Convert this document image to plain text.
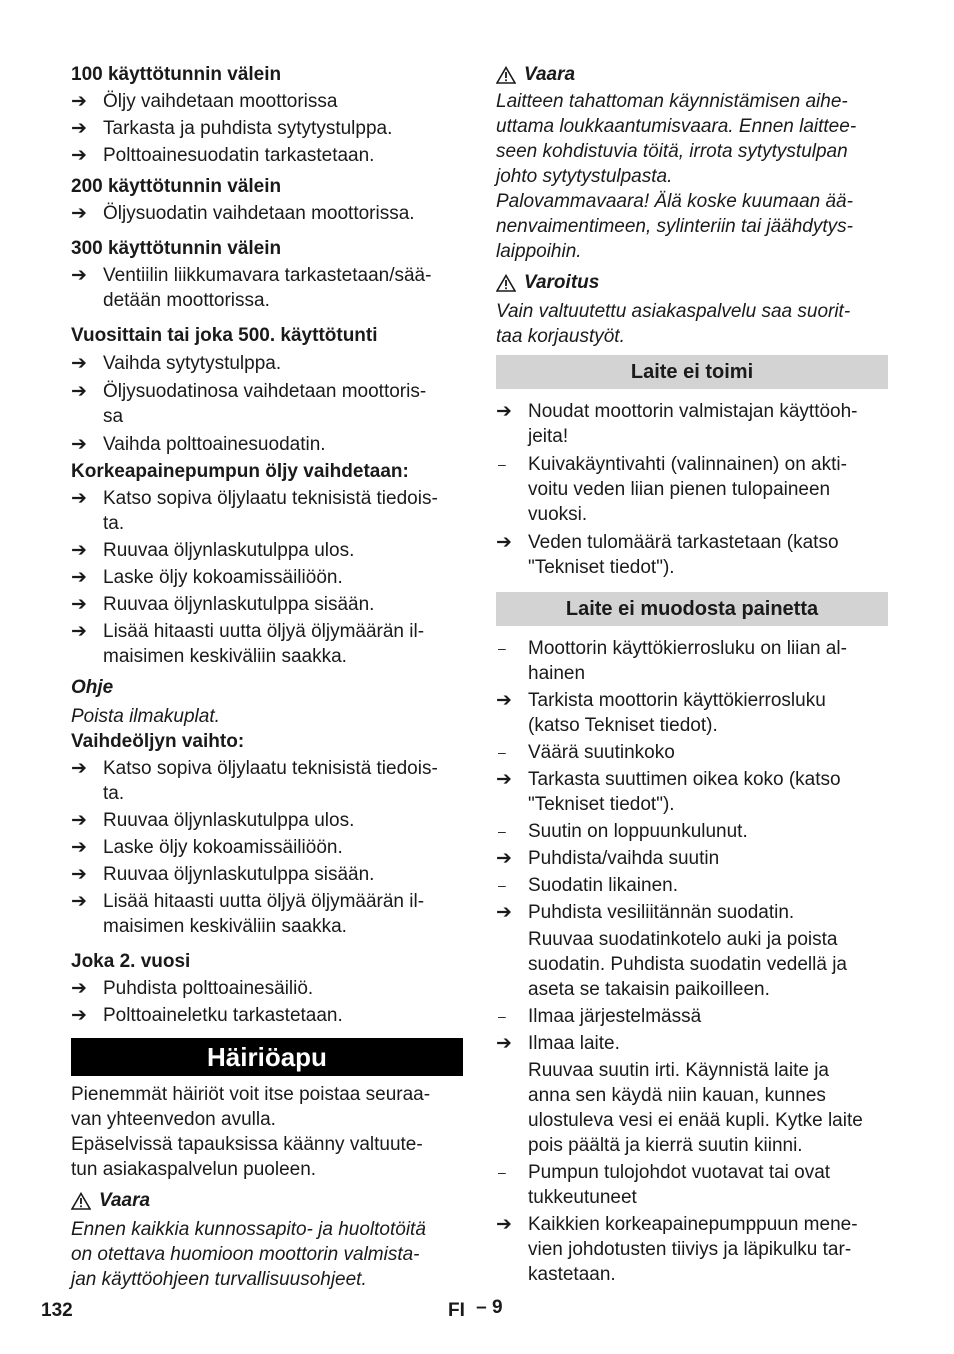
100 käyttötunnin välein
➔ Öljy vaihdetaan moottorissa
➔ Tarkasta ja puhdista sytytystulppa.
➔ Polttoainesuodatin tarkastetaan.
200 käyttötunnin välein
➔ Öljysuodatin vaihdetaan moottorissa.
300 käyttötunnin välein
➔ Ventiilin liikkumavara tarkastetaan/sää-
detään moottorissa.
Vuosittain tai joka 500. käyttötunti
➔ Vaihda sytytystulppa.
➔ Öljysuodatinosa vaihdetaan moottoris-
sa
➔ Vaihda polttoainesuodatin.
Korkeapainepumpun öljy vaihdetaan:
➔ Katso sopiva öljylaatu teknisistä tiedois-
ta.
➔ Ruuvaa öljynlaskutulppa ulos.
➔ Laske öljy kokoamissäiliöön.
➔ Ruuvaa öljynlaskutulppa sisään.
➔ Lisää hitaasti uutta öljyä öljymäärän il-
maisimen keskiväliin saakka.
Ohje
Poista ilmakuplat.
Vaihdeöljyn vaihto:
➔ Katso sopiva öljylaatu teknisistä tiedois-
ta.
➔ Ruuvaa öljynlaskutulppa ulos.
➔ Laske öljy kokoamissäiliöön.
➔ Ruuvaa öljynlaskutulppa sisään.
➔ Lisää hitaasti uutta öljyä öljymäärän il-
maisimen keskiväliin saakka.
Joka 2. vuosi
➔ Puhdista polttoainesäiliö.
➔ Polttoaineletku tarkastetaan.
Häiriöapu
Pienemmät häiriöt voit itse poistaa seuraa-
van yhteenvedon avulla.
Epäselvissä tapauksissa käänny valtuute-
tun asiakaspalvelun puoleen.
Vaara
Ennen kaikkia kunnossapito- ja huoltotöitä
on otettava huomioon moottorin valmista-
jan käyttöohjeen turvallisuusohjeet.
Vaara
Laitteen tahattoman käynnistämisen aihe-
uttama loukkaantumisvaara. Ennen laittee-
seen kohdistuvia töitä, irrota sytytystulpan
johto sytytystulpasta.
Palovammavaara! Älä koske kuumaan ää-
nenvaimentimeen, sylinteriin tai jäähdytys-
laippoihin.
Varoitus
Vain valtuutettu asiakaspalvelu saa suorit-
taa korjaustyöt.
Laite ei toimi
➔ Noudat moottorin valmistajan käyttöoh-
jeita!
–	Kuivakäyntivahti (valinnainen) on akti-
voitu veden liian pienen tulopaineen
vuoksi.
➔ Veden tulomäärä tarkastetaan (katso
"Tekniset tiedot").
Laite ei muodosta painetta
–	Moottorin käyttökierrosluku on liian al-
hainen
➔ Tarkista moottorin käyttökierrosluku
(katso Tekniset tiedot).
–	Väärä suutinkoko
➔ Tarkasta suuttimen oikea koko (katso
"Tekniset tiedot").
–	Suutin on loppuunkulunut.
➔ Puhdista/vaihda suutin
–	Suodatin likainen.
➔ Puhdista vesiliitännän suodatin.
Ruuvaa suodatinkotelo auki ja poista
suodatin. Puhdista suodatin vedellä ja
aseta se takaisin paikoilleen.
–	Ilmaa järjestelmässä
➔ Ilmaa laite.
Ruuvaa suutin irti. Käynnistä laite ja
anna sen käydä niin kauan, kunnes
ulostuleva vesi ei enää kupli. Kytke laite
pois päältä ja kierrä suutin kiinni.
–	Pumpun tulojohdot vuotavat tai ovat
tukkeutuneet
➔ Kaikkien korkeapainepumppuun mene-
vien johdotusten tiiviys ja läpikulku tar-
kastetaan.
132	FI – 9
